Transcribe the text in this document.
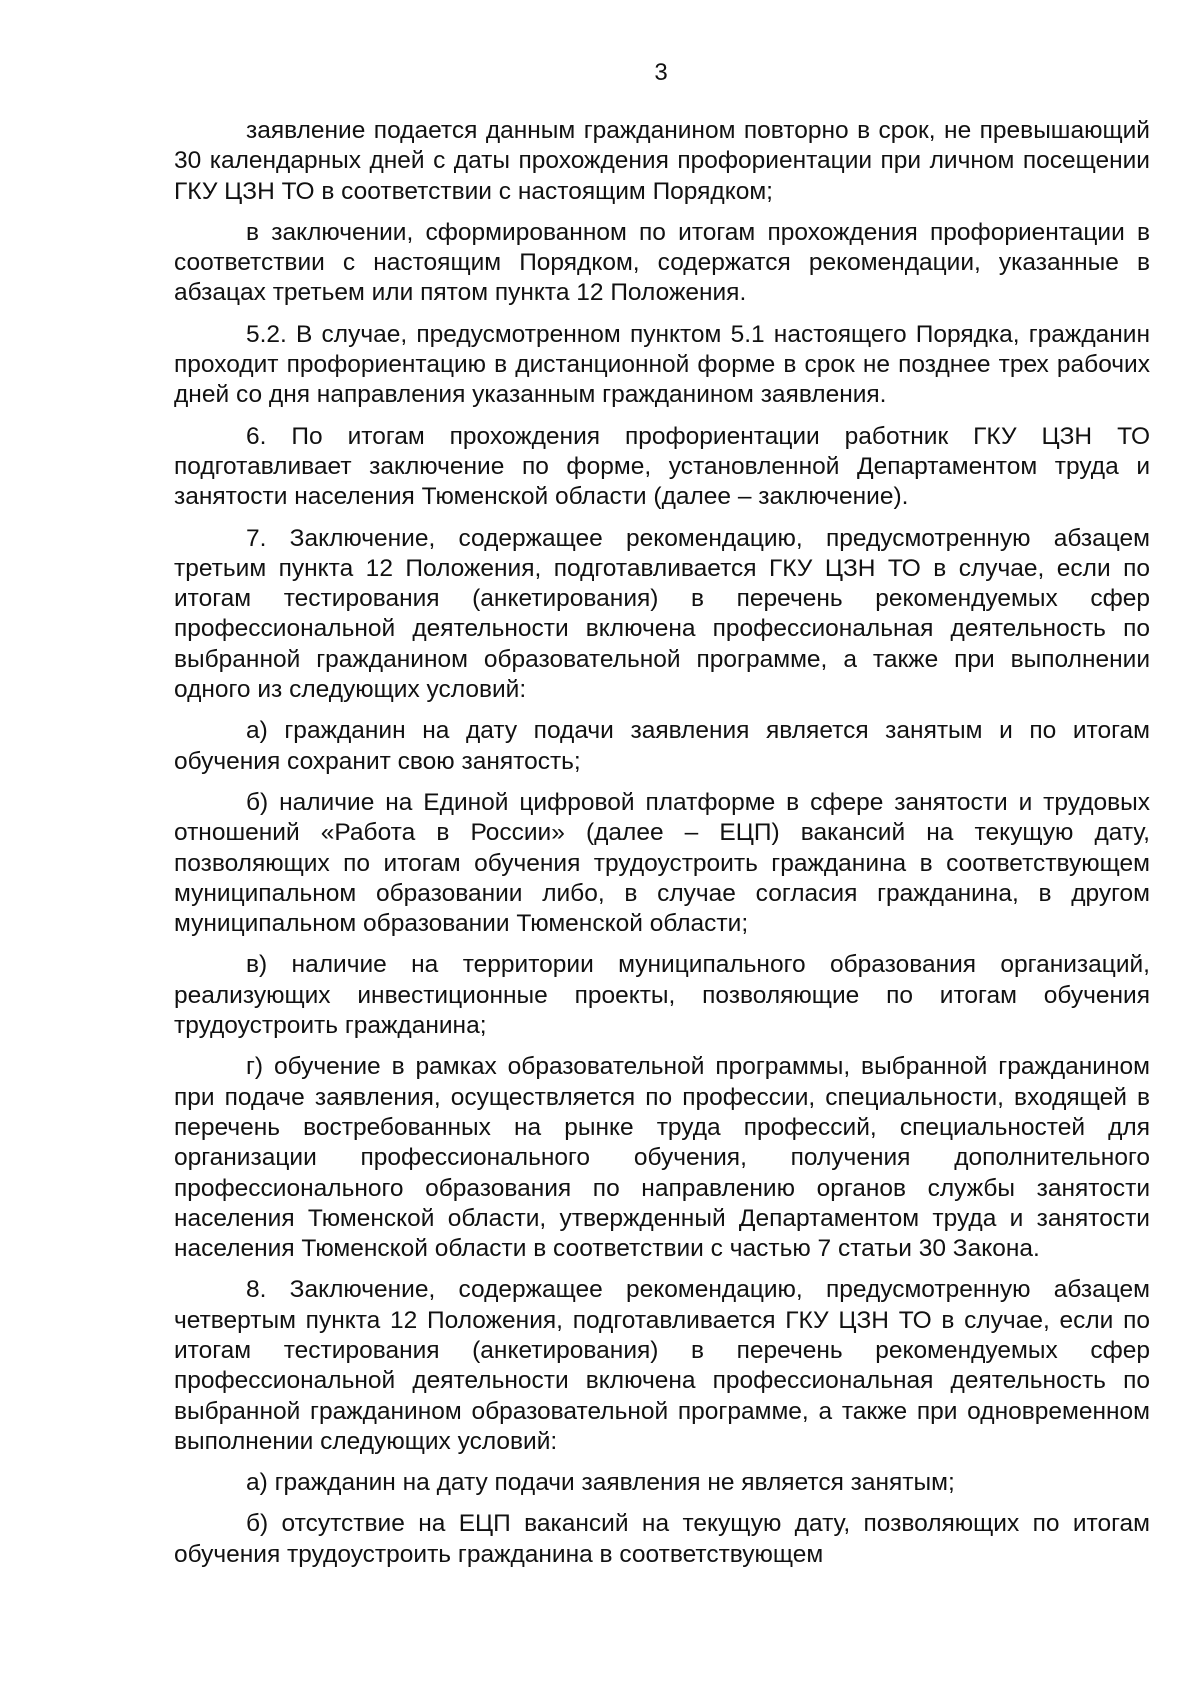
3

заявление подается данным гражданином повторно в срок, не превышающий 30 календарных дней с даты прохождения профориентации при личном посещении ГКУ ЦЗН ТО в соответствии с настоящим Порядком;

в заключении, сформированном по итогам прохождения профориентации в соответствии с настоящим Порядком, содержатся рекомендации, указанные в абзацах третьем или пятом пункта 12 Положения.

5.2. В случае, предусмотренном пунктом 5.1 настоящего Порядка, гражданин проходит профориентацию в дистанционной форме в срок не позднее трех рабочих дней со дня направления указанным гражданином заявления.

6. По итогам прохождения профориентации работник ГКУ ЦЗН ТО подготавливает заключение по форме, установленной Департаментом труда и занятости населения Тюменской области (далее – заключение).

7. Заключение, содержащее рекомендацию, предусмотренную абзацем третьим пункта 12 Положения, подготавливается ГКУ ЦЗН ТО в случае, если по итогам тестирования (анкетирования) в перечень рекомендуемых сфер профессиональной деятельности включена профессиональная деятельность по выбранной гражданином образовательной программе, а также при выполнении одного из следующих условий:

а) гражданин на дату подачи заявления является занятым и по итогам обучения сохранит свою занятость;

б) наличие на Единой цифровой платформе в сфере занятости и трудовых отношений «Работа в России» (далее – ЕЦП) вакансий на текущую дату, позволяющих по итогам обучения трудоустроить гражданина в соответствующем муниципальном образовании либо, в случае согласия гражданина, в другом муниципальном образовании Тюменской области;

в) наличие на территории муниципального образования организаций, реализующих инвестиционные проекты, позволяющие по итогам обучения трудоустроить гражданина;

г) обучение в рамках образовательной программы, выбранной гражданином при подаче заявления, осуществляется по профессии, специальности, входящей в перечень востребованных на рынке труда профессий, специальностей для организации профессионального обучения, получения дополнительного профессионального образования по направлению органов службы занятости населения Тюменской области, утвержденный Департаментом труда и занятости населения Тюменской области в соответствии с частью 7 статьи 30 Закона.

8. Заключение, содержащее рекомендацию, предусмотренную абзацем четвертым пункта 12 Положения, подготавливается ГКУ ЦЗН ТО в случае, если по итогам тестирования (анкетирования) в перечень рекомендуемых сфер профессиональной деятельности включена профессиональная деятельность по выбранной гражданином образовательной программе, а также при одновременном выполнении следующих условий:

а) гражданин на дату подачи заявления не является занятым;

б) отсутствие на ЕЦП вакансий на текущую дату, позволяющих по итогам обучения трудоустроить гражданина в соответствующем
